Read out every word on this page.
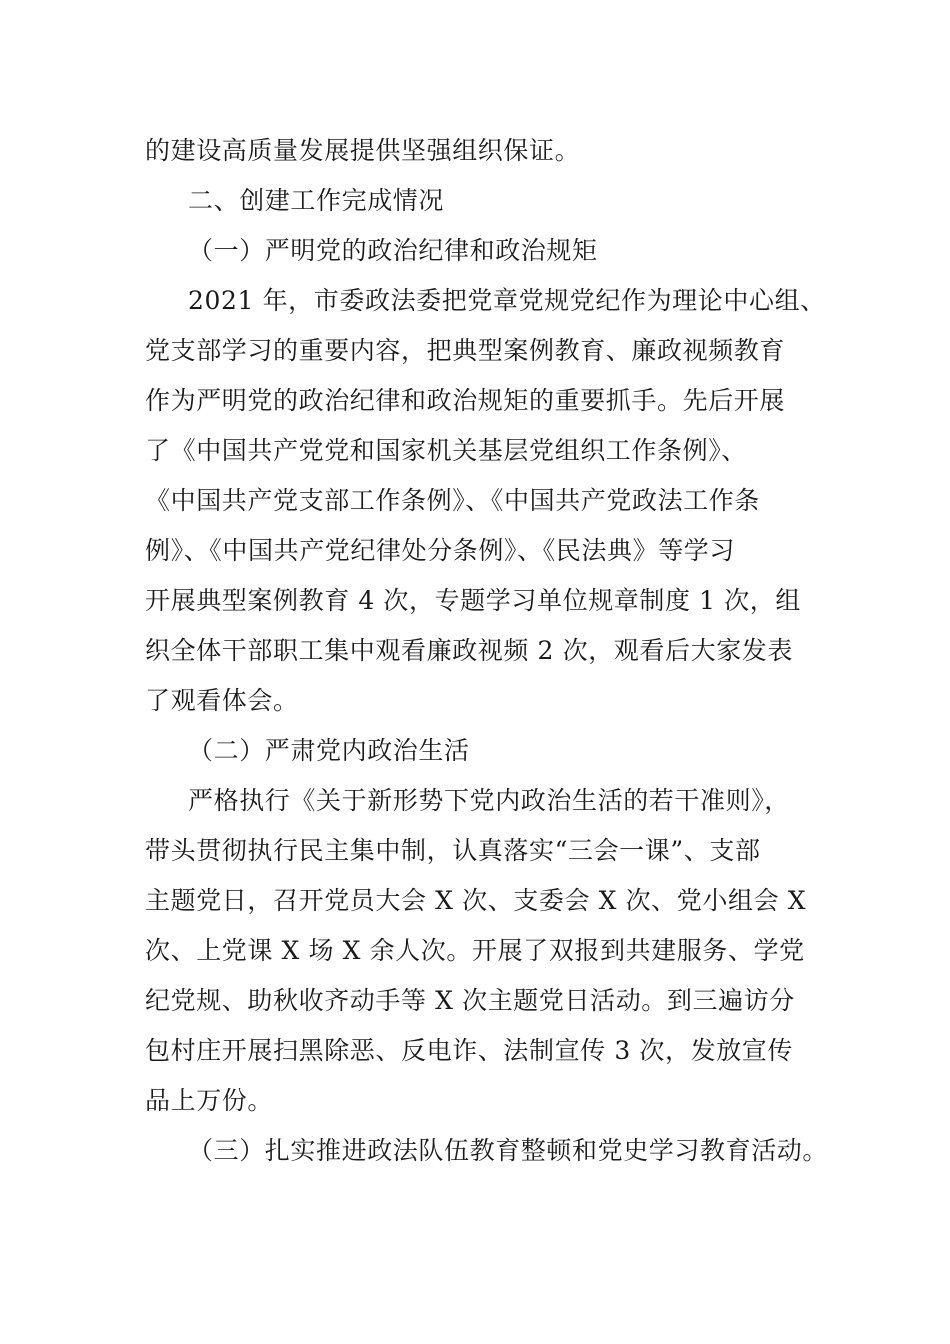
的建设高质量发展提供坚强组织保证。
二、创建工作完成情况
（一）严明党的政治纪律和政治规矩
2021 年，市委政法委把党章党规党纪作为理论中心组、
党支部学习的重要内容，把典型案例教育、廉政视频教育
作为严明党的政治纪律和政治规矩的重要抓手。先后开展
了《中国共产党党和国家机关基层党组织工作条例》、
《中国共产党支部工作条例》、《中国共产党政法工作条
例》、《中国共产党纪律处分条例》、《民法典》等学习
开展典型案例教育 4 次，专题学习单位规章制度 1 次，组
织全体干部职工集中观看廉政视频 2 次，观看后大家发表
了观看体会。
（二）严肃党内政治生活
严格执行《关于新形势下党内政治生活的若干准则》，
带头贯彻执行民主集中制，认真落实“三会一课”、支部
主题党日，召开党员大会 X 次、支委会 X 次、党小组会 X
次、上党课 X 场 X 余人次。开展了双报到共建服务、学党
纪党规、助秋收齐动手等 X 次主题党日活动。到三遍访分
包村庄开展扫黑除恶、反电诈、法制宣传 3 次，发放宣传
品上万份。
（三）扎实推进政法队伍教育整顿和党史学习教育活动。
